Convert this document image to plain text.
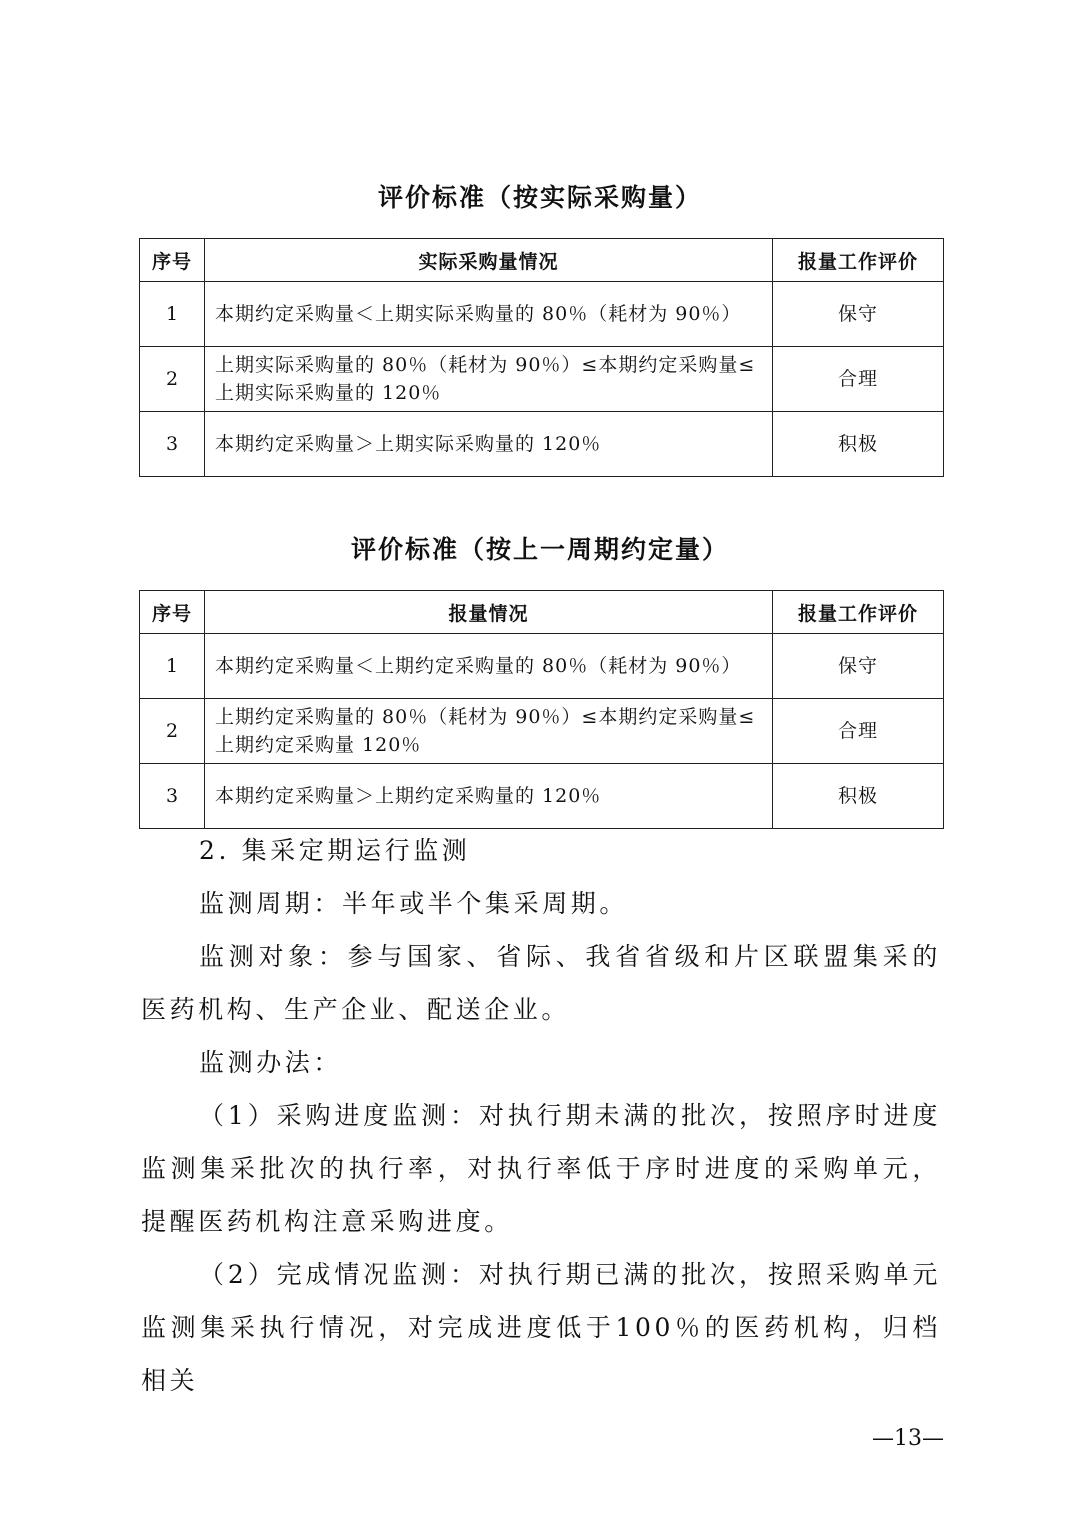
评价标准（按实际采购量）
序号	实际采购量情况	报量工作评价
1	本期约定采购量＜上期实际采购量的 80％（耗材为 90％）	保守
2	上期实际采购量的 80％（耗材为 90％）≤本期约定采购量≤上期实际采购量的 120％	合理
3	本期约定采购量＞上期实际采购量的 120％	积极
评价标准（按上一周期约定量）
序号	报量情况	报量工作评价
1	本期约定采购量＜上期约定采购量的 80％（耗材为 90％）	保守
2	上期约定采购量的 80％（耗材为 90％）≤本期约定采购量≤上期约定采购量 120％	合理
3	本期约定采购量＞上期约定采购量的 120％	积极

2. 集采定期运行监测

监测周期：半年或半个集采周期。

监测对象：参与国家、省际、我省省级和片区联盟集采的医药机构、生产企业、配送企业。

监测办法：

（1）采购进度监测：对执行期未满的批次，按照序时进度监测集采批次的执行率，对执行率低于序时进度的采购单元，提醒医药机构注意采购进度。

（2）完成情况监测：对执行期已满的批次，按照采购单元监测集采执行情况，对完成进度低于100％的医药机构，归档相关

—13—
